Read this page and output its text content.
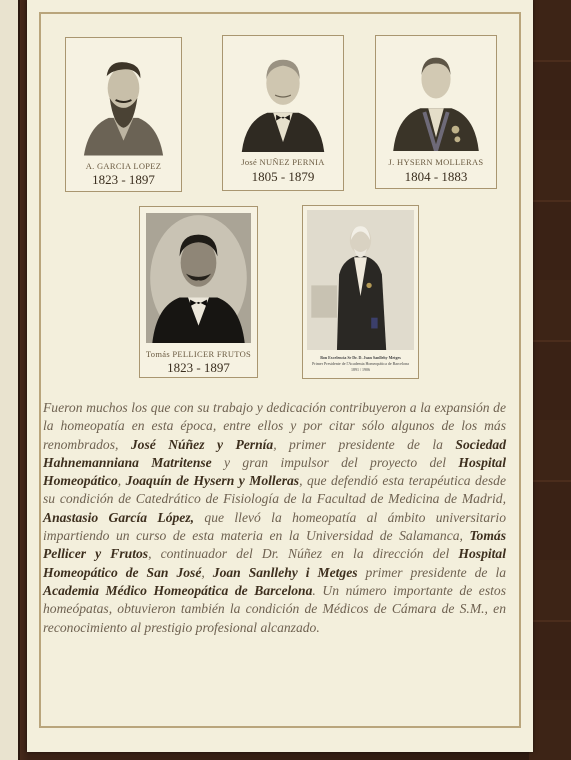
A. GARCIA LOPEZ
1823 - 1897
José NUÑEZ PERNIA
1805 - 1879
J. HYSERN MOLLERAS
1804 - 1883
Tomás PELLICER FRUTOS
1823 - 1897
Bon Excelencia Sr Dr. D. Juan Sanllehy Metges
Primer Presidente de l'Academia Homeopática de Barcelona
1891 / 1906
Fueron muchos los que con su trabajo y dedicación contribuyeron a la expansión de la homeopatía en esta época, entre ellos y por citar sólo algunos de los más renombrados, José Núñez y Pernía, primer presidente de la Sociedad Hahnemanniana Matritense y gran impulsor del proyecto del Hospital Homeopático, Joaquín de Hysern y Molleras, que defendió esta terapéutica desde su condición de Catedrático de Fisiología de la Facultad de Medicina de Madrid, Anastasio García López, que llevó la homeopatía al ámbito universitario impartiendo un curso de esta materia en la Universidad de Salamanca, Tomás Pellicer y Frutos, continuador del Dr. Núñez en la dirección del Hospital Homeopático de San José, Joan Sanllehy i Metges primer presidente de la Academia Médico Homeopática de Barcelona. Un número importante de estos homeópatas, obtuvieron también la condición de Médicos de Cámara de S.M., en reconocimiento al prestigio profesional alcanzado.
